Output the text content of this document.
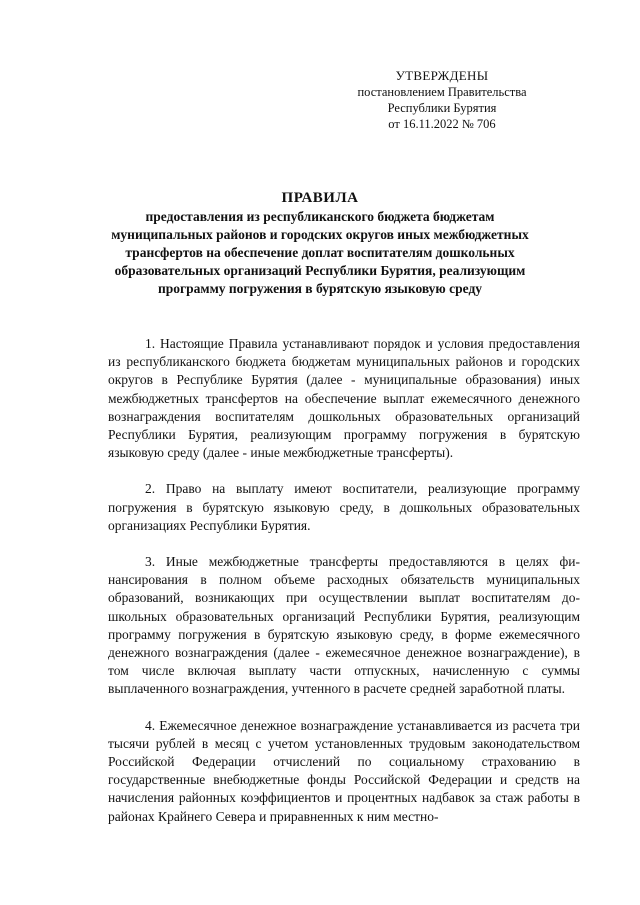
УТВЕРЖДЕНЫ
постановлением Правительства
Республики Бурятия
от 16.11.2022 № 706
ПРАВИЛА
предоставления из республиканского бюджета бюджетам муниципальных районов и городских округов иных межбюджетных трансфертов на обеспечение доплат воспитателям дошкольных образовательных организаций Республики Бурятия, реализующим программу погружения в бурятскую языковую среду

1. Настоящие Правила устанавливают порядок и условия предоставления из республиканского бюджета бюджетам муниципальных районов и городских округов в Республике Бурятия (далее - муниципальные образования) иных межбюджетных трансфертов на обеспечение выплат ежемесячного денежного вознаграждения воспитателям дошкольных образовательных организаций Республики Бурятия, реализующим программу погружения в бурятскую языковую среду (далее - иные межбюджетные трансферты).

2. Право на выплату имеют воспитатели, реализующие программу погружения в бурятскую языковую среду, в дошкольных образовательных организациях Республики Бурятия.

3. Иные межбюджетные трансферты предоставляются в целях финансирования в полном объеме расходных обязательств муниципальных образований, возникающих при осуществлении выплат воспитателям дошкольных образовательных организаций Республики Бурятия, реализующим программу погружения в бурятскую языковую среду, в форме ежемесячного денежного вознаграждения (далее - ежемесячное денежное вознаграждение), в том числе включая выплату части отпускных, начисленную с суммы выплаченного вознаграждения, учтенного в расчете средней заработной платы.

4. Ежемесячное денежное вознаграждение устанавливается из расчета три тысячи рублей в месяц с учетом установленных трудовым законодательством Российской Федерации отчислений по социальному страхованию в государственные внебюджетные фонды Российской Федерации и средств на начисления районных коэффициентов и процентных надбавок за стаж работы в районах Крайнего Севера и приравненных к ним местно-
